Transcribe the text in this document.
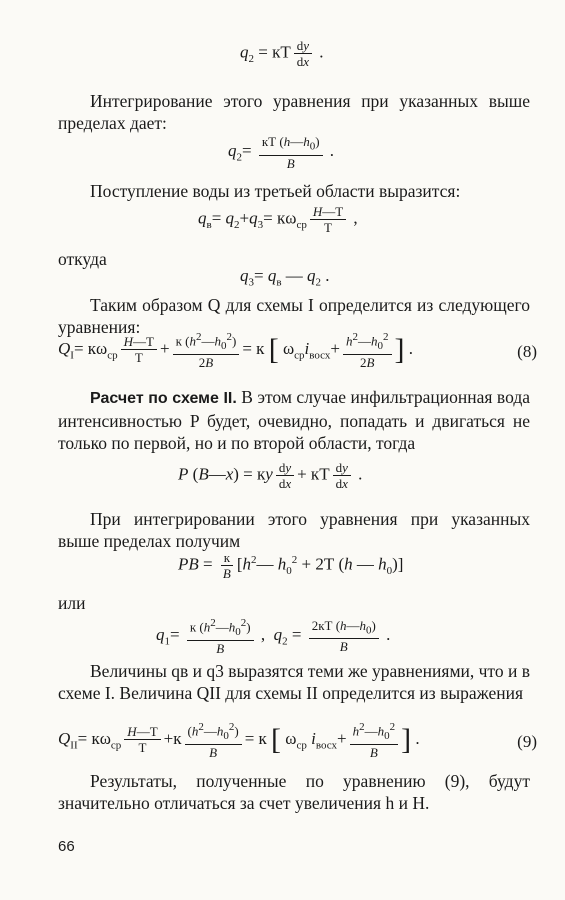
$q_2$ = кТ $\frac{dy}{dx}$ .
Интегрирование этого уравнения при указанных выше пределах дает:
$q_2= \frac{кТ (h—h_0)}{B}$ .
Поступление воды из третьей области выразится:
$q_в= q_2+q_3= к\omega_{ср} \frac{H—Т}{Т}$ ,
откуда
$q_3= q_в$ — $q_2$ .
Таким образом Q для схемы I определится из следующего уравнения:
$Q_I= к\omega_{ср} \frac{H—Т}{Т} + \frac{к (h^2—h_0^2)}{2B} = к$ [ $\omega_{ср}i_{восх}+ \frac{h^2—h_0^2}{2B}$ ] .	(8)
Расчет по схеме II. В этом случае инфильтрационная вода интенсивностью P будет, очевидно, попадать и двигаться не только по первой, но и по второй области, тогда
P (B—x) = кy $\frac{dy}{dx}$ + кТ $\frac{dy}{dx}$ .
При интегрировании этого уравнения при указанных выше пределах получим
PB = $\frac{к}{B}$ [$h^2—$ $h_0^2 + 2Т$ (h — $h_0$)]
или
$q_1= \frac{к (h^2—h_0^2)}{B}$ ,  $q_2 = \frac{2кТ (h—h_0)}{B}$ .
Величины qв и q3 выразятся теми же уравнениями, что и в схеме I. Величина QII для схемы II определится из выражения
$Q_{II}= к\omega_{ср} \frac{H—Т}{Т} +к \frac{(h^2—h_0^2)}{B} = к$ [ $\omega_{ср}$ $i_{восх}+ \frac{h^2—h_0^2}{B}$ ] .	(9)
Результаты, полученные по уравнению (9), будут значительно отличаться за счет увеличения h и H.
66
